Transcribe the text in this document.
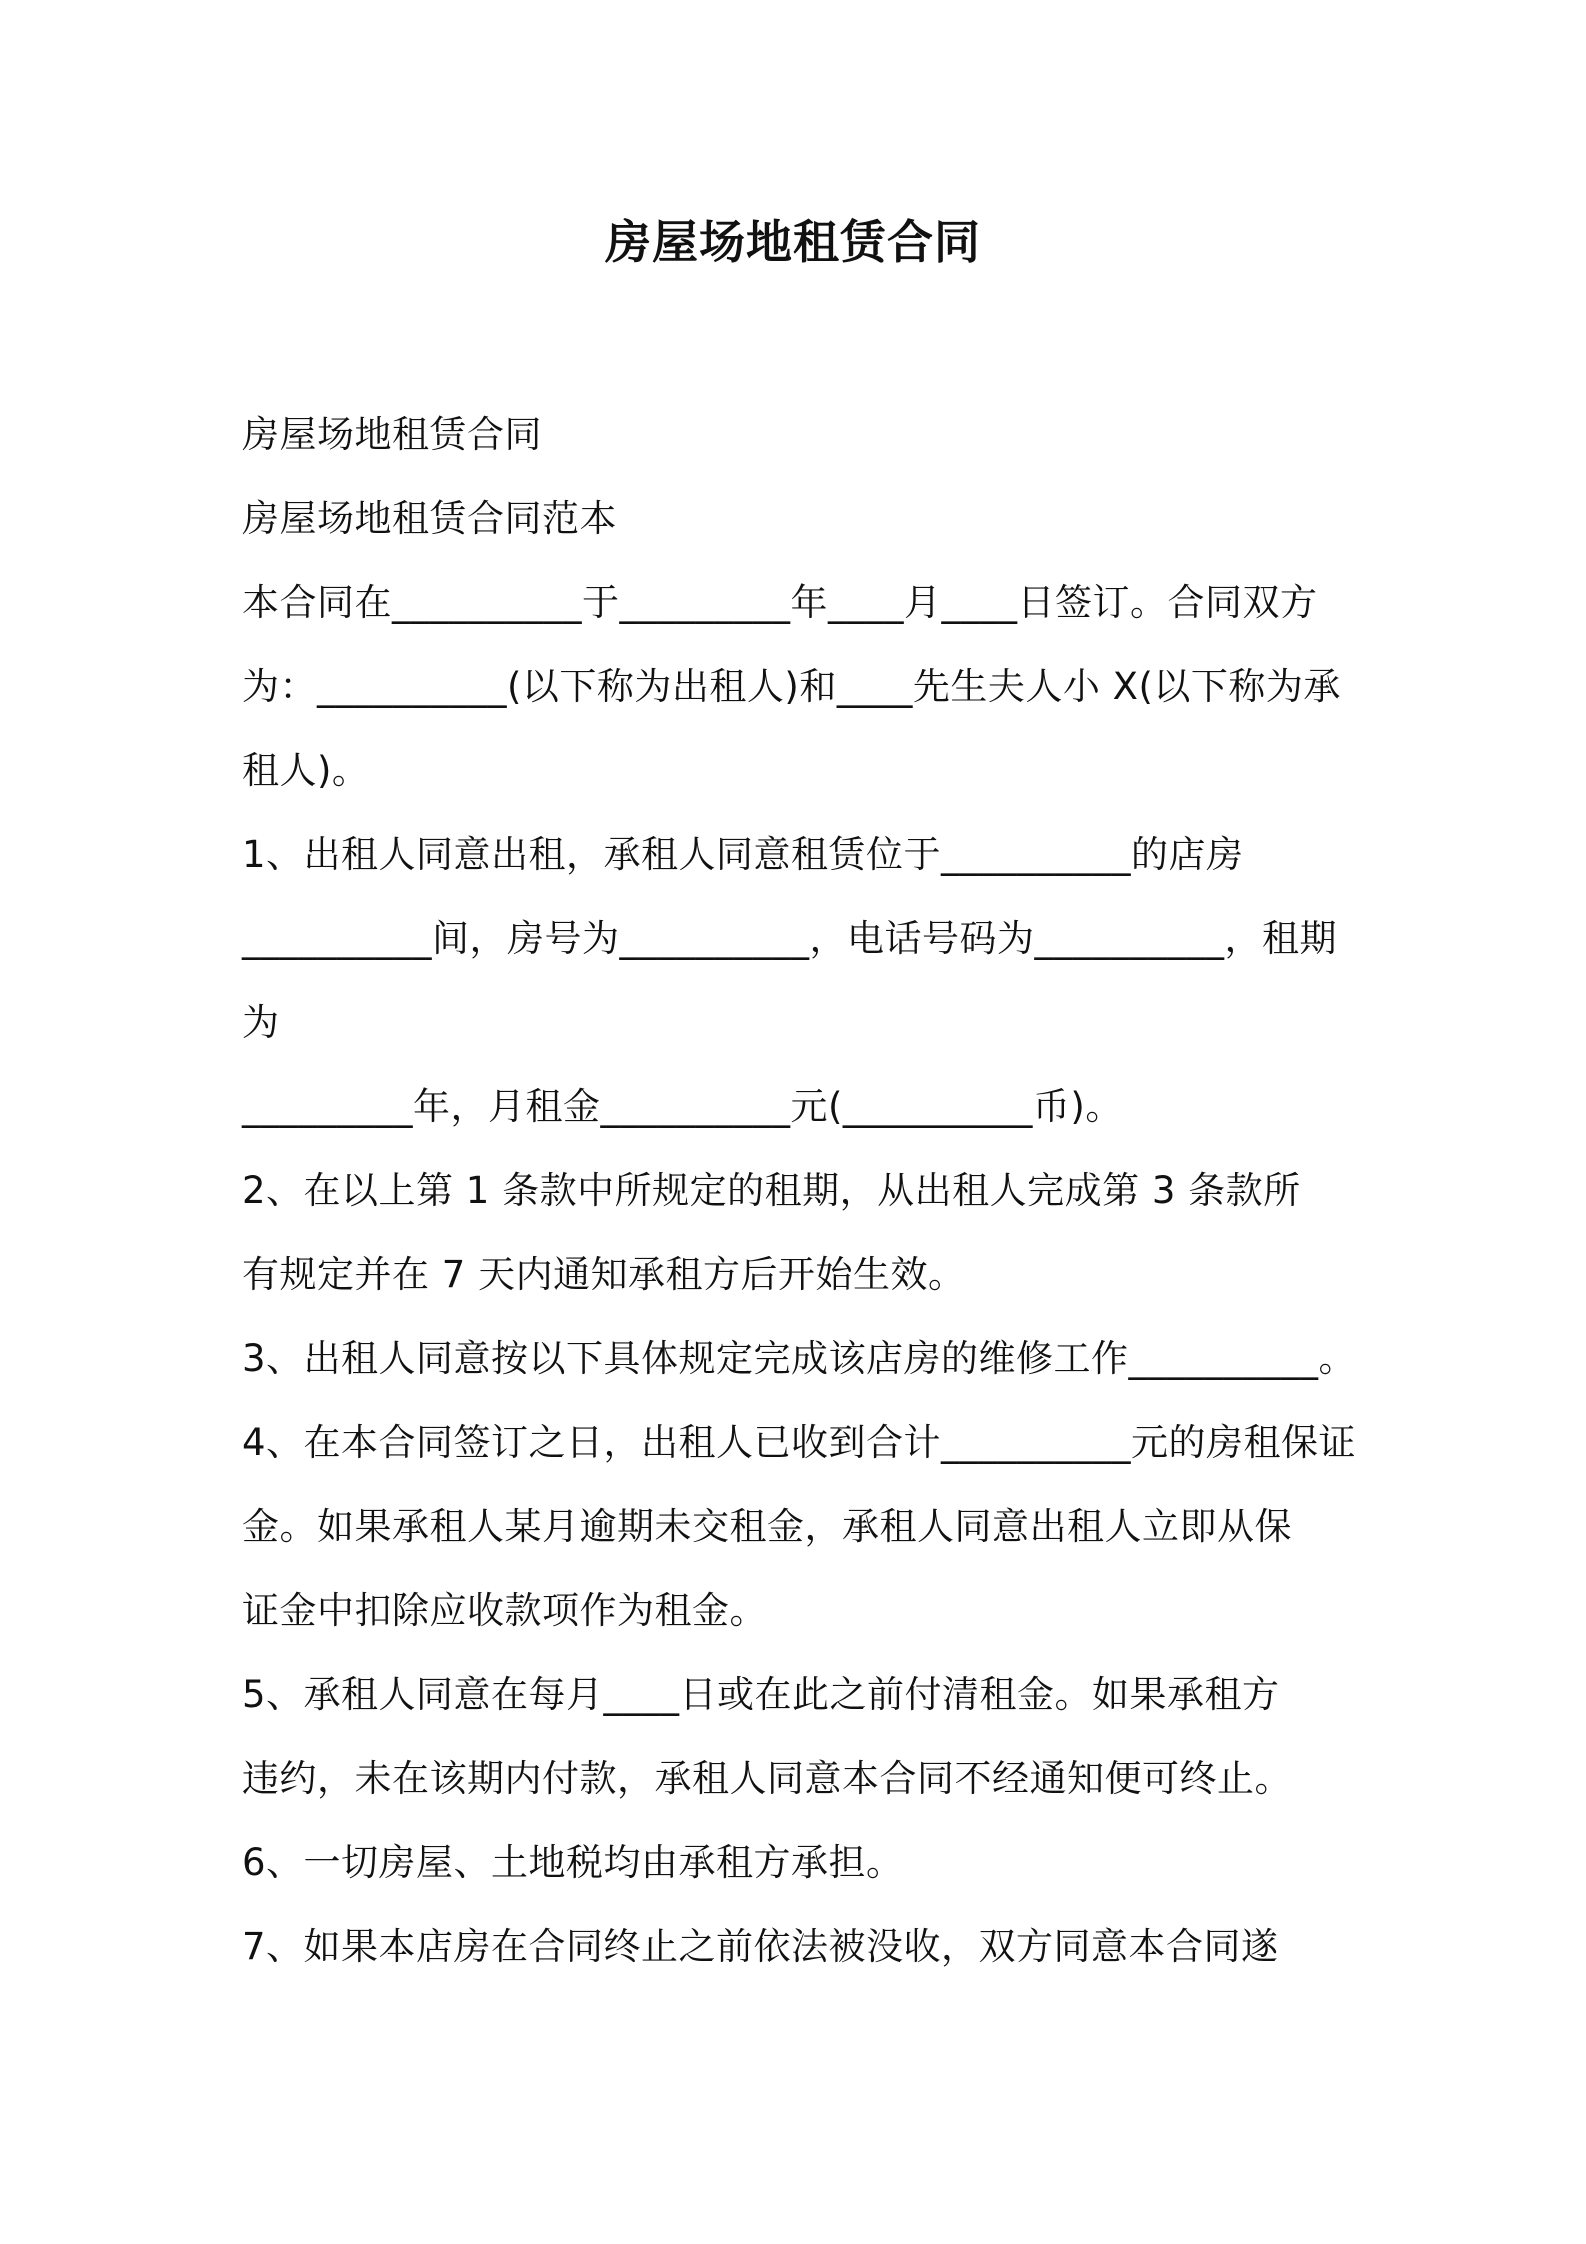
房屋场地租赁合同
房屋场地租赁合同
房屋场地租赁合同范本
本合同在__________于_________年____月____日签订。合同双方
为：__________(以下称为出租人)和____先生夫人小 X(以下称为承
租人)。
1、出租人同意出租，承租人同意租赁位于__________的店房
__________间，房号为__________，电话号码为__________，租期
为
_________年，月租金__________元(__________币)。
2、在以上第 1 条款中所规定的租期，从出租人完成第 3 条款所
有规定并在 7 天内通知承租方后开始生效。
3、出租人同意按以下具体规定完成该店房的维修工作__________。
4、在本合同签订之日，出租人已收到合计__________元的房租保证
金。如果承租人某月逾期未交租金，承租人同意出租人立即从保
证金中扣除应收款项作为租金。
5、承租人同意在每月____日或在此之前付清租金。如果承租方
违约，未在该期内付款，承租人同意本合同不经通知便可终止。
6、一切房屋、土地税均由承租方承担。
7、如果本店房在合同终止之前依法被没收，双方同意本合同遂
